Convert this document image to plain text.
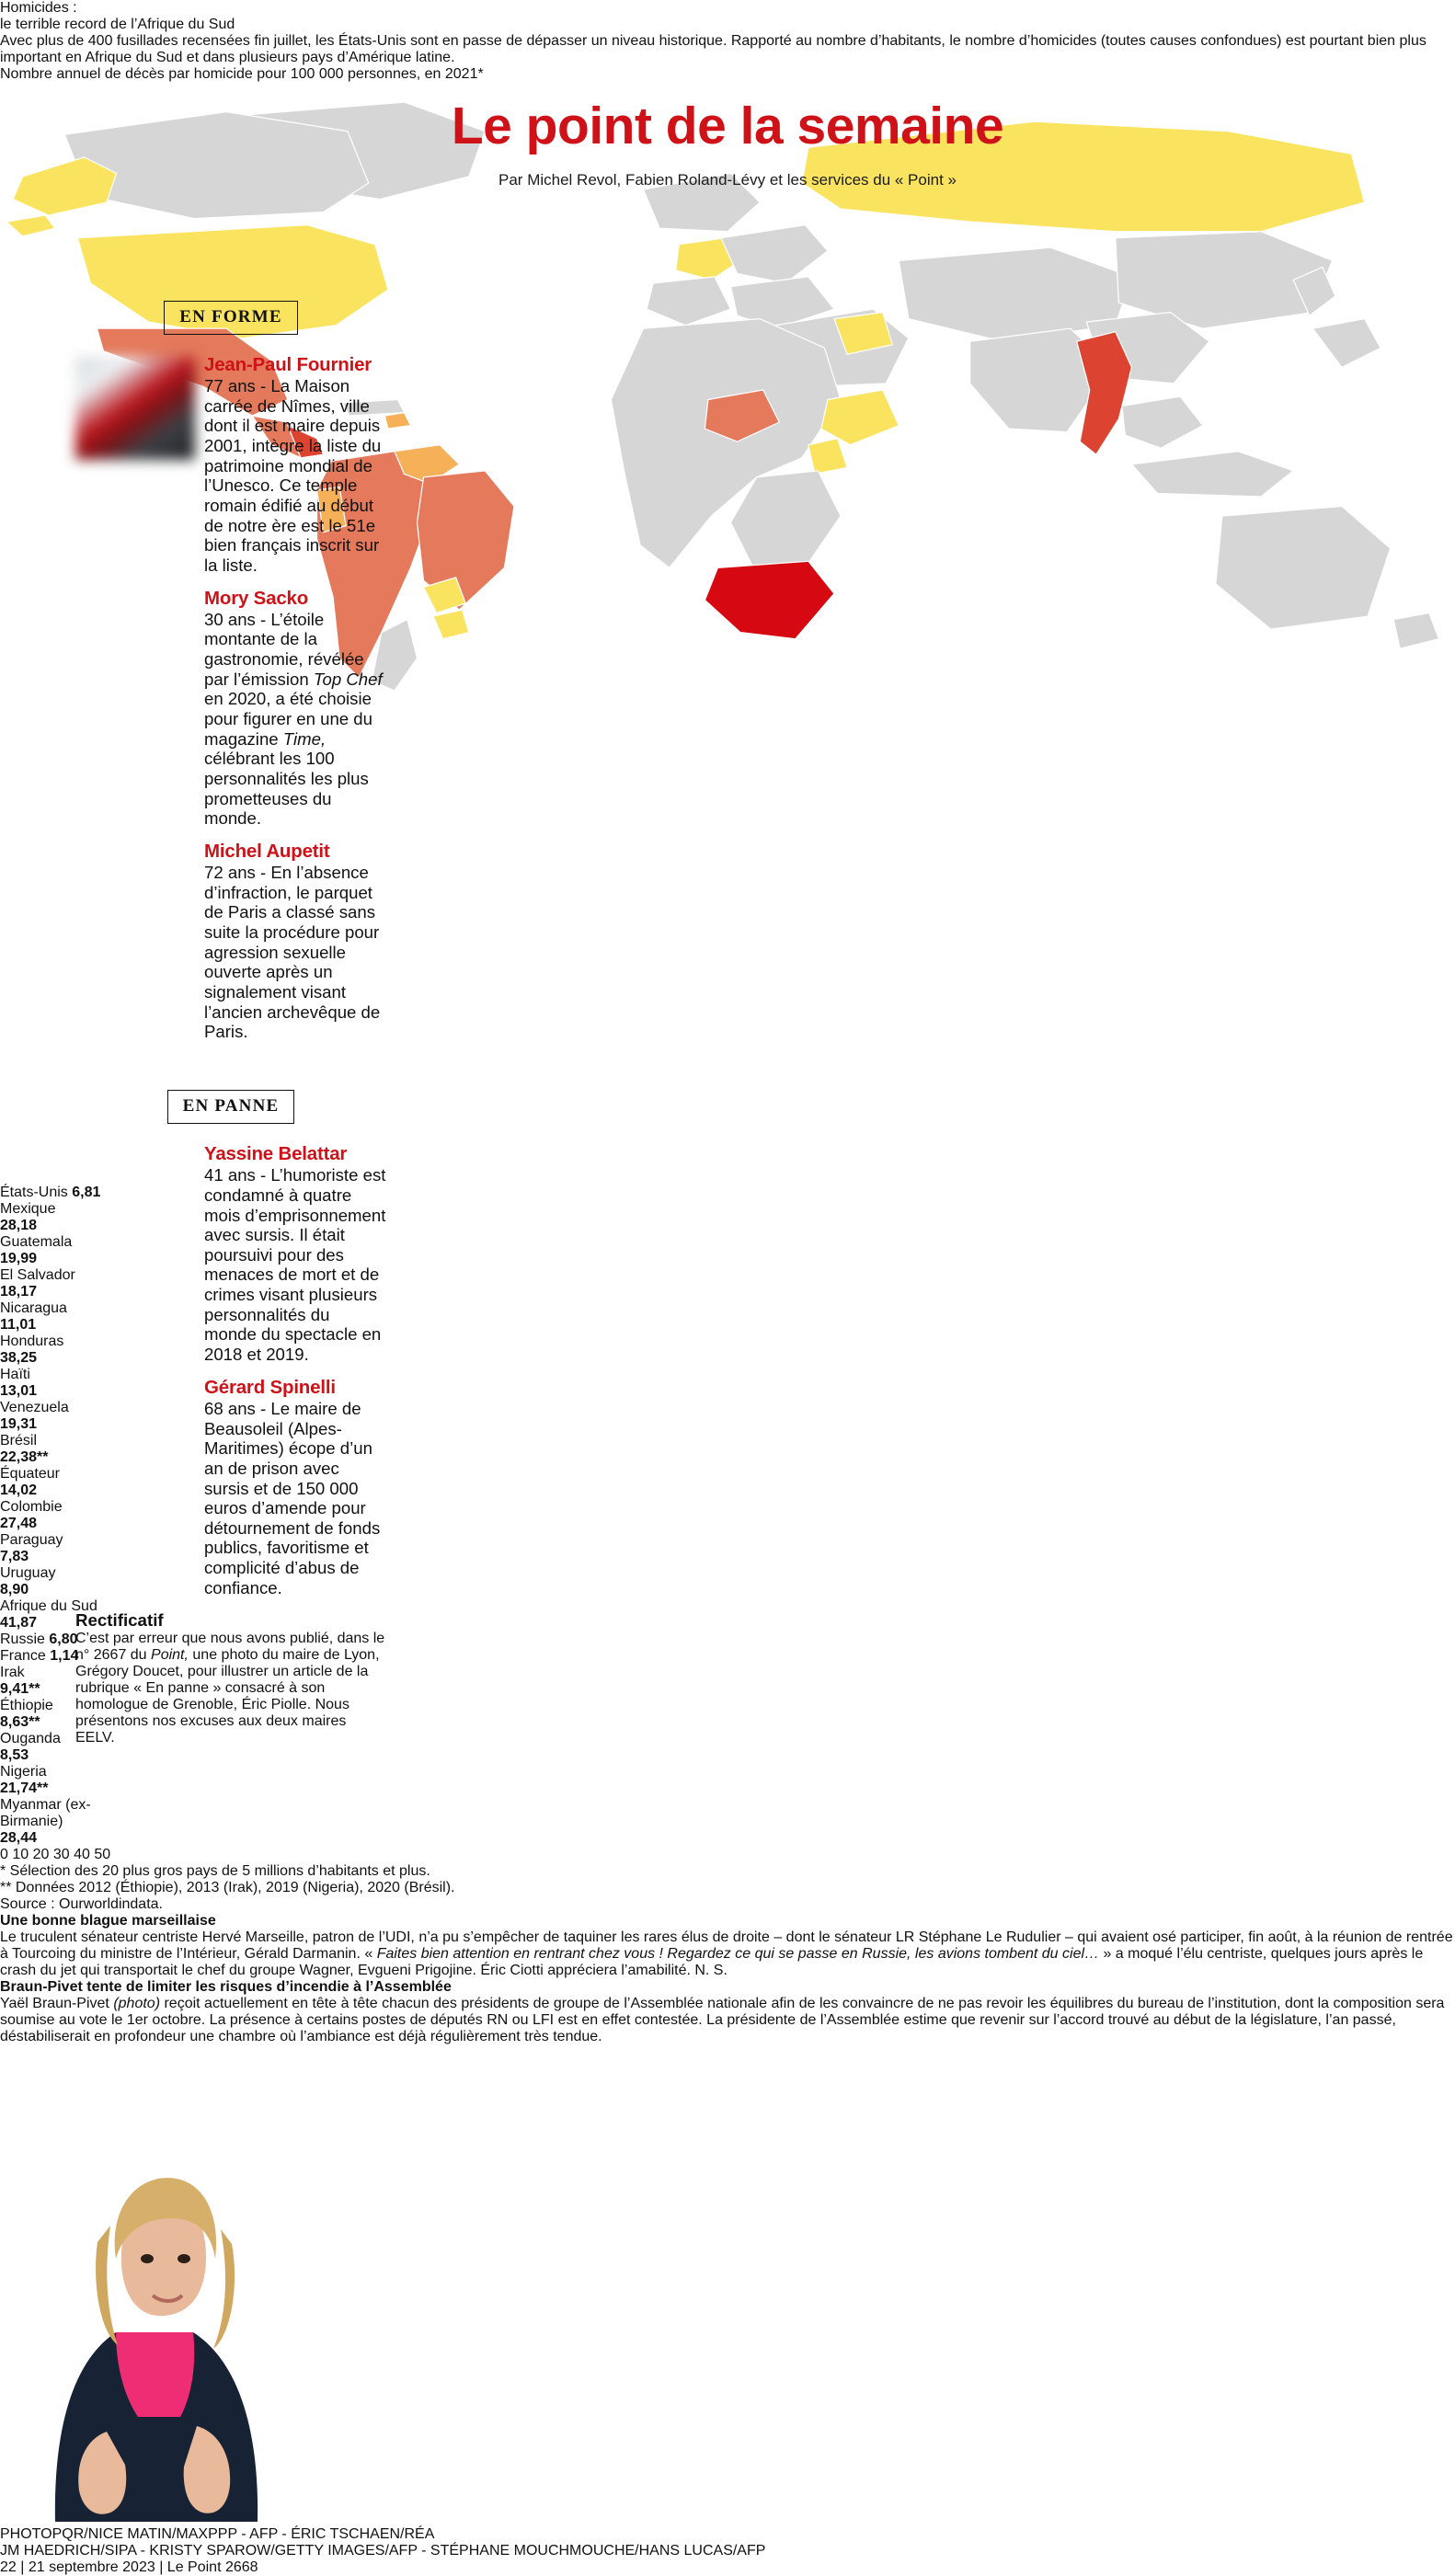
Le point de la semaine
Par Michel Revol, Fabien Roland-Lévy et les services du « Point »
EN FORME
Jean-Paul Fournier

77 ans - La Maison carrée de Nîmes, ville dont il est maire depuis 2001, intègre la liste du patrimoine mondial de l’Unesco. Ce temple romain édifié au début de notre ère est le 51e bien français inscrit sur la liste.

Mory Sacko

30 ans - L’étoile montante de la gastronomie, révélée par l’émission Top Chef en 2020, a été choisie pour figurer en une du magazine Time, célébrant les 100 personnalités les plus prometteuses du monde.

Michel Aupetit

72 ans - En l’absence d’infraction, le parquet de Paris a classé sans suite la procédure pour agression sexuelle ouverte après un signalement visant l’ancien archevêque de Paris.

EN PANNE
Yassine Belattar

41 ans - L’humoriste est condamné à quatre mois d’emprisonnement avec sursis. Il était poursuivi pour des menaces de mort et de crimes visant plusieurs personnalités du monde du spectacle en 2018 et 2019.

Gérard Spinelli

68 ans - Le maire de Beausoleil (Alpes-Maritimes) écope d’un an de prison avec sursis et de 150 000 euros d’amende pour détournement de fonds publics, favoritisme et complicité d’abus de confiance.

Rectificatif

C’est par erreur que nous avons publié, dans le n° 2667 du Point, une photo du maire de Lyon, Grégory Doucet, pour illustrer un article de la rubrique « En panne » consacré à son homologue de Grenoble, Éric Piolle. Nous présentons nos excuses aux deux maires EELV.

Homicides :
le terrible record de l’Afrique du Sud
Avec plus de 400 fusillades recensées fin juillet, les États-Unis sont en passe de dépasser un niveau historique. Rapporté au nombre d’habitants, le nombre d’homicides (toutes causes confondues) est pourtant bien plus important en Afrique du Sud et dans plusieurs pays d’Amérique latine.
Nombre annuel de décès par homicide pour 100 000 personnes, en 2021*
États-Unis 6,81
Mexique
28,18
Guatemala
19,99
El Salvador
18,17
Nicaragua
11,01
Honduras
38,25
Haïti
13,01
Venezuela
19,31
Brésil
22,38**
Équateur
14,02
Colombie
27,48
Paraguay
7,83
Uruguay
8,90
Afrique du Sud
41,87
Russie 6,80
France 1,14
Irak
9,41**
Éthiopie
8,63**
Ouganda
8,53
Nigeria
21,74**
Myanmar (ex-Birmanie)
28,44
0 10 20 30 40 50

* Sélection des 20 plus gros pays de 5 millions d’habitants et plus.

** Données 2012 (Éthiopie), 2013 (Irak), 2019 (Nigeria), 2020 (Brésil).

Source : Ourworldindata.
Une bonne blague marseillaise

Le truculent sénateur centriste Hervé Marseille, patron de l’UDI, n’a pu s’empêcher de taquiner les rares élus de droite – dont le sénateur LR Stéphane Le Rudulier – qui avaient osé participer, fin août, à la réunion de rentrée à Tourcoing du ministre de l’Intérieur, Gérald Darmanin. « Faites bien attention en rentrant chez vous ! Regardez ce qui se passe en Russie, les avions tombent du ciel… » a moqué l’élu centriste, quelques jours après le crash du jet qui transportait le chef du groupe Wagner, Evgueni Prigojine. Éric Ciotti appréciera l’amabilité. N. S.

Braun-Pivet tente de limiter les risques d’incendie à l’Assemblée

Yaël Braun-Pivet (photo) reçoit actuellement en tête à tête chacun des présidents de groupe de l’Assemblée nationale afin de les convaincre de ne pas revoir les équilibres du bureau de l’institution, dont la composition sera soumise au vote le 1er octobre. La présence à certains postes de députés RN ou LFI est en effet contestée. La présidente de l’Assemblée estime que revenir sur l’accord trouvé au début de la législature, l’an passé, déstabiliserait en profondeur une chambre où l’ambiance est déjà régulièrement très tendue.

PHOTOPQR/NICE MATIN/MAXPPP - AFP - ÉRIC TSCHAEN/RÉA
JM HAEDRICH/SIPA - KRISTY SPAROW/GETTY IMAGES/AFP - STÉPHANE MOUCHMOUCHE/HANS LUCAS/AFP
22 | 21 septembre 2023 | Le Point 2668
